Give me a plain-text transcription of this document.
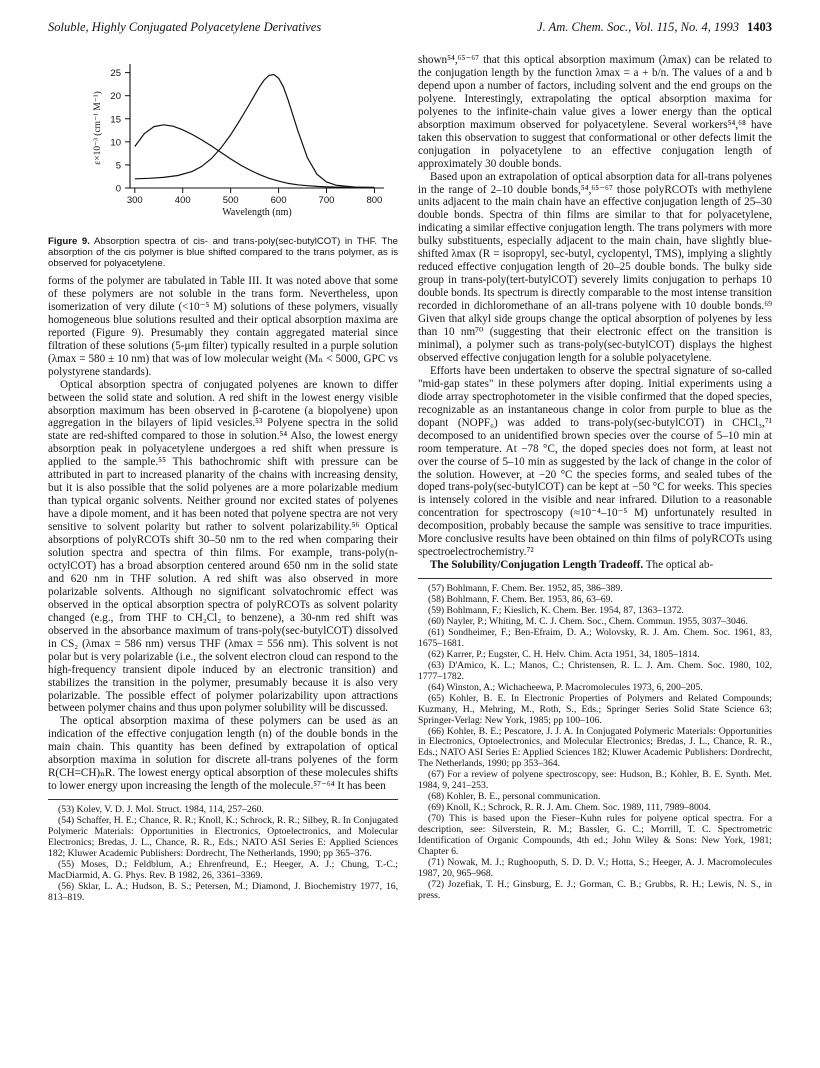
Soluble, Highly Conjugated Polyacetylene Derivatives	J. Am. Chem. Soc., Vol. 115, No. 4, 1993 1403
0
5
10
15
20
25
300	400	500	600	700	800
Wavelength (nm)
ε×10⁻³ (cm⁻¹ M⁻¹)
Figure 9. Absorption spectra of cis- and trans-poly(sec-butylCOT) in THF. The absorption of the cis polymer is blue shifted compared to the trans polymer, as is observed for polyacetylene.

forms of the polymer are tabulated in Table III. It was noted above that some of these polymers are not soluble in the trans form. Nevertheless, upon isomerization of very dilute (<10⁻⁵ M) solutions of these polymers, visually homogeneous blue solutions resulted and their optical absorption maxima are reported (Figure 9). Presumably they contain aggregated material since filtration of these solutions (5-μm filter) typically resulted in a purple solution (λmax = 580 ± 10 nm) that was of low molecular weight (Mₙ < 5000, GPC vs polystyrene standards).

Optical absorption spectra of conjugated polyenes are known to differ between the solid state and solution. A red shift in the lowest energy visible absorption maximum has been observed in β-carotene (a biopolyene) upon aggregation in the bilayers of lipid vesicles.⁵³ Polyene spectra in the solid state are red-shifted compared to those in solution.⁵⁴ Also, the lowest energy absorption peak in polyacetylene undergoes a red shift when pressure is applied to the sample.⁵⁵ This bathochromic shift with pressure can be attributed in part to increased planarity of the chains with increasing density, but it is also possible that the solid polyenes are a more polarizable medium than typical organic solvents. Neither ground nor excited states of polyenes have a dipole moment, and it has been noted that polyene spectra are not very sensitive to solvent polarity but rather to solvent polarizability.⁵⁶ Optical absorptions of polyRCOTs shift 30–50 nm to the red when comparing their solution spectra and spectra of thin films. For example, trans-poly(n-octylCOT) has a broad absorption centered around 650 nm in the solid state and 620 nm in THF solution. A red shift was also observed in more polarizable solvents. Although no significant solvatochromic effect was observed in the optical absorption spectra of polyRCOTs as solvent polarity changed (e.g., from THF to CH₂Cl₂ to benzene), a 30-nm red shift was observed in the absorbance maximum of trans-poly(sec-butylCOT) dissolved in CS₂ (λmax = 586 nm) versus THF (λmax = 556 nm). This solvent is not polar but is very polarizable (i.e., the solvent electron cloud can respond to the high-frequency transient dipole induced by an electronic transition) and stabilizes the transition in the polymer, presumably because it is also very polarizable. The possible effect of polymer polarizability upon attractions between polymer chains and thus upon polymer solubility will be discussed.

The optical absorption maxima of these polymers can be used as an indication of the effective conjugation length (n) of the double bonds in the main chain. This quantity has been defined by extrapolation of optical absorption maxima in solution for discrete all-trans polyenes of the form R(CH=CH)ₙR. The lowest energy optical absorption of these molecules shifts to lower energy upon increasing the length of the molecule.⁵⁷⁻⁶⁴ It has been

(53) Kolev, V. D. J. Mol. Struct. 1984, 114, 257–260.
(54) Schaffer, H. E.; Chance, R. R.; Knoll, K.; Schrock, R. R.; Silbey, R. In Conjugated Polymeric Materials: Opportunities in Electronics, Optoelectronics, and Molecular Electronics; Bredas, J. L., Chance, R. R., Eds.; NATO ASI Series E: Applied Sciences 182; Kluwer Academic Publishers: Dordrecht, The Netherlands, 1990; pp 365–376.
(55) Moses, D.; Feldblum, A.; Ehrenfreund, E.; Heeger, A. J.; Chung, T.-C.; MacDiarmid, A. G. Phys. Rev. B 1982, 26, 3361–3369.
(56) Sklar, L. A.; Hudson, B. S.; Petersen, M.; Diamond, J. Biochemistry 1977, 16, 813–819.

shown⁵⁴,⁶⁵⁻⁶⁷ that this optical absorption maximum (λmax) can be related to the conjugation length by the function λmax = a + b/n. The values of a and b depend upon a number of factors, including solvent and the end groups on the polyene. Interestingly, extrapolating the optical absorption maxima for polyenes to the infinite-chain value gives a lower energy than the optical absorption maximum observed for polyacetylene. Several workers⁵⁴,⁶⁸ have taken this observation to suggest that conformational or other defects limit the conjugation in polyacetylene to an effective conjugation length of approximately 30 double bonds.

Based upon an extrapolation of optical absorption data for all-trans polyenes in the range of 2–10 double bonds,⁵⁴,⁶⁵⁻⁶⁷ those polyRCOTs with methylene units adjacent to the main chain have an effective conjugation length of 25–30 double bonds. Spectra of thin films are similar to that for polyacetylene, indicating a similar effective conjugation length. The trans polymers with more bulky substituents, especially adjacent to the main chain, have slightly blue-shifted λmax (R = isopropyl, sec-butyl, cyclopentyl, TMS), implying a slightly reduced effective conjugation length of 20–25 double bonds. The bulky side group in trans-poly(tert-butylCOT) severely limits conjugation to perhaps 10 double bonds. Its spectrum is directly comparable to the most intense transition recorded in dichloromethane of an all-trans polyene with 10 double bonds.⁶⁹ Given that alkyl side groups change the optical absorption of polyenes by less than 10 nm⁷⁰ (suggesting that their electronic effect on the transition is minimal), a polymer such as trans-poly(sec-butylCOT) displays the highest observed effective conjugation length for a soluble polyacetylene.

Efforts have been undertaken to observe the spectral signature of so-called "mid-gap states" in these polymers after doping. Initial experiments using a diode array spectrophotometer in the visible confirmed that the doped species, recognizable as an instantaneous change in color from purple to blue as the dopant (NOPF₆) was added to trans-poly(sec-butylCOT) in CHCl₃,⁷¹ decomposed to an unidentified brown species over the course of 5–10 min at room temperature. At −78 °C, the doped species does not form, at least not over the course of 5–10 min as suggested by the lack of change in the color of the solution. However, at −20 °C the species forms, and sealed tubes of the doped trans-poly(sec-butylCOT) can be kept at −50 °C for weeks. This species is intensely colored in the visible and near infrared. Dilution to a reasonable concentration for spectroscopy (≈10⁻⁴–10⁻⁵ M) unfortunately resulted in decomposition, probably because the sample was sensitive to trace impurities. More conclusive results have been obtained on thin films of polyRCOTs using spectroelectrochemistry.⁷²

The Solubility/Conjugation Length Tradeoff. The optical ab-

(57) Bohlmann, F. Chem. Ber. 1952, 85, 386–389.
(58) Bohlmann, F. Chem. Ber. 1953, 86, 63–69.
(59) Bohlmann, F.; Kieslich, K. Chem. Ber. 1954, 87, 1363–1372.
(60) Nayler, P.; Whiting, M. C. J. Chem. Soc., Chem. Commun. 1955, 3037–3046.
(61) Sondheimer, F.; Ben-Efraim, D. A.; Wolovsky, R. J. Am. Chem. Soc. 1961, 83, 1675–1681.
(62) Karrer, P.; Eugster, C. H. Helv. Chim. Acta 1951, 34, 1805–1814.
(63) D'Amico, K. L.; Manos, C.; Christensen, R. L. J. Am. Chem. Soc. 1980, 102, 1777–1782.
(64) Winston, A.; Wichacheewa, P. Macromolecules 1973, 6, 200–205.
(65) Kohler, B. E. In Electronic Properties of Polymers and Related Compounds; Kuzmany, H., Mehring, M., Roth, S., Eds.; Springer Series Solid State Science 63; Springer-Verlag: New York, 1985; pp 100–106.
(66) Kohler, B. E.; Pescatore, J. J. A. In Conjugated Polymeric Materials: Opportunities in Electronics, Optoelectronics, and Molecular Electronics; Bredas, J. L., Chance, R. R., Eds.; NATO ASI Series E: Applied Sciences 182; Kluwer Academic Publishers: Dordrecht, The Netherlands, 1990; pp 353–364.
(67) For a review of polyene spectroscopy, see: Hudson, B.; Kohler, B. E. Synth. Met. 1984, 9, 241–253.
(68) Kohler, B. E., personal communication.
(69) Knoll, K.; Schrock, R. R. J. Am. Chem. Soc. 1989, 111, 7989–8004.
(70) This is based upon the Fieser–Kuhn rules for polyene optical spectra. For a description, see: Silverstein, R. M.; Bassler, G. C.; Morrill, T. C. Spectrometric Identification of Organic Compounds, 4th ed.; John Wiley & Sons: New York, 1981; Chapter 6.
(71) Nowak, M. J.; Rughooputh, S. D. D. V.; Hotta, S.; Heeger, A. J. Macromolecules 1987, 20, 965–968.
(72) Jozefiak, T. H.; Ginsburg, E. J.; Gorman, C. B.; Grubbs, R. H.; Lewis, N. S., in press.
